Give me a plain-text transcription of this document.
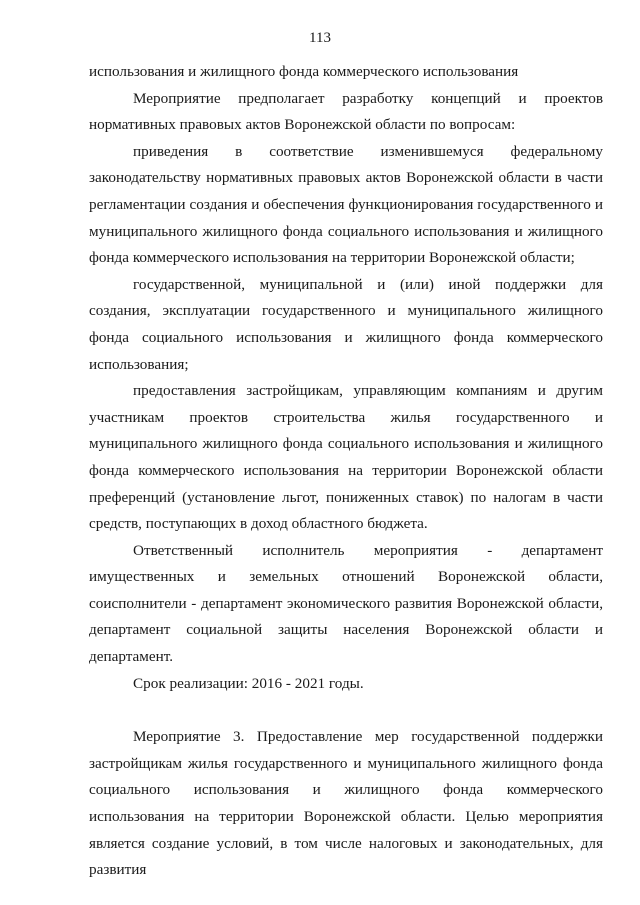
113

использования и жилищного фонда коммерческого использования

Мероприятие предполагает разработку концепций и проектов нормативных правовых актов Воронежской области по вопросам:

приведения в соответствие изменившемуся федеральному законодательству нормативных правовых актов Воронежской области в части регламентации создания и обеспечения функционирования государственного и муниципального жилищного фонда социального использования и жилищного фонда коммерческого использования на территории Воронежской области;

государственной, муниципальной и (или) иной поддержки для создания, эксплуатации государственного и муниципального жилищного фонда социального использования и жилищного фонда коммерческого использования;

предоставления застройщикам, управляющим компаниям и другим участникам проектов строительства жилья государственного и муниципального жилищного фонда социального использования и жилищного фонда коммерческого использования на территории Воронежской области преференций (установление льгот, пониженных ставок) по налогам в части средств, поступающих в доход областного бюджета.

Ответственный исполнитель мероприятия - департамент имущественных и земельных отношений Воронежской области, соисполнители - департамент экономического развития Воронежской области, департамент социальной защиты населения Воронежской области и департамент.

Срок реализации: 2016 - 2021 годы.

Мероприятие 3. Предоставление мер государственной поддержки застройщикам жилья государственного и муниципального жилищного фонда социального использования и жилищного фонда коммерческого использования на территории Воронежской области. Целью мероприятия является создание условий, в том числе налоговых и законодательных, для развития
